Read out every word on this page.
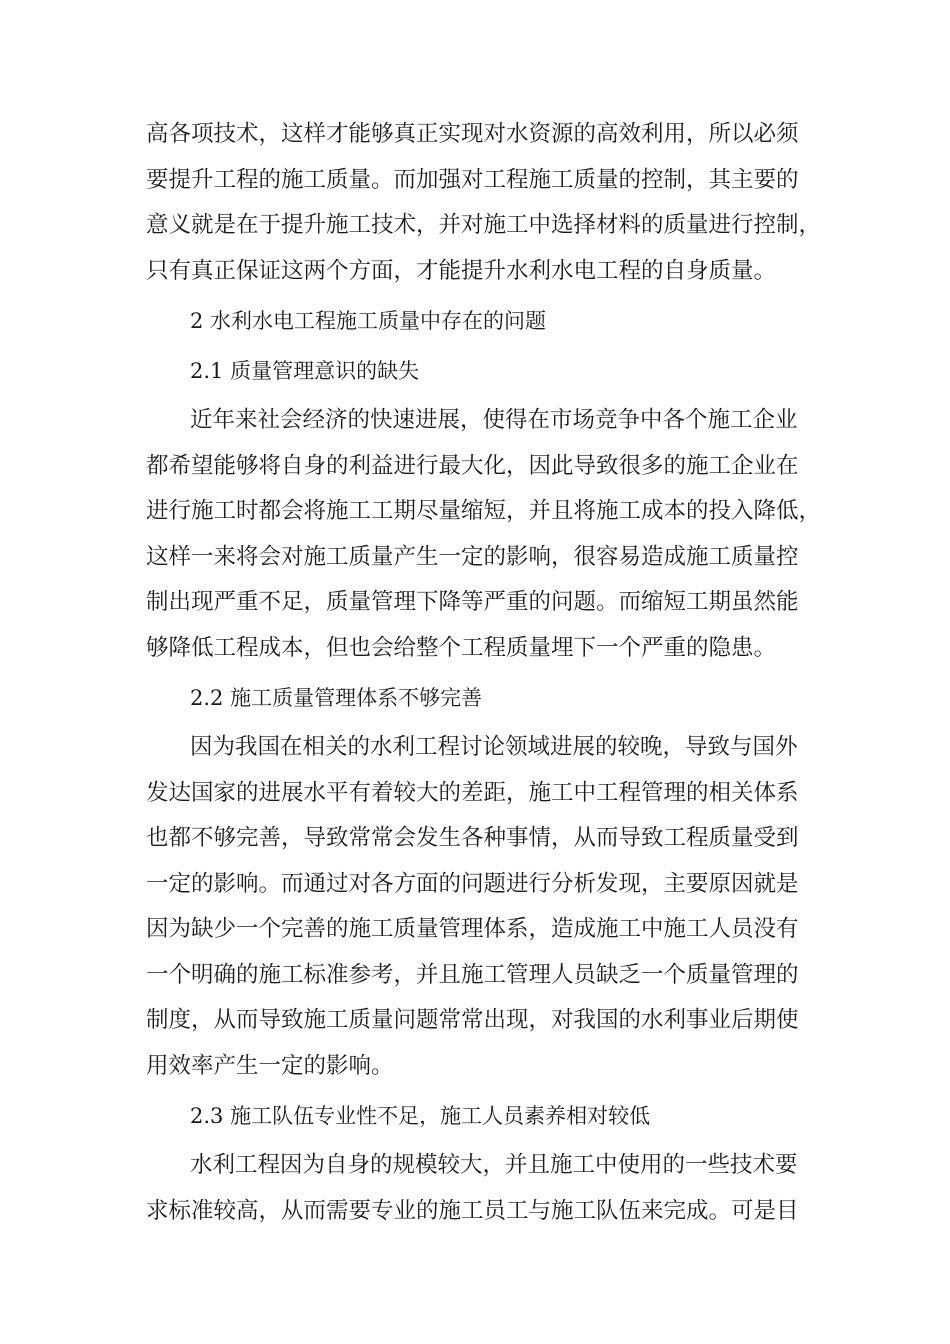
高各项技术，这样才能够真正实现对水资源的高效利用，所以必须
要提升工程的施工质量。而加强对工程施工质量的控制，其主要的
意义就是在于提升施工技术，并对施工中选择材料的质量进行控制，
只有真正保证这两个方面，才能提升水利水电工程的自身质量。
2 水利水电工程施工质量中存在的问题
2.1 质量管理意识的缺失
近年来社会经济的快速进展，使得在市场竞争中各个施工企业
都希望能够将自身的利益进行最大化，因此导致很多的施工企业在
进行施工时都会将施工工期尽量缩短，并且将施工成本的投入降低，
这样一来将会对施工质量产生一定的影响，很容易造成施工质量控
制出现严重不足，质量管理下降等严重的问题。而缩短工期虽然能
够降低工程成本，但也会给整个工程质量埋下一个严重的隐患。
2.2 施工质量管理体系不够完善
因为我国在相关的水利工程讨论领域进展的较晚，导致与国外
发达国家的进展水平有着较大的差距，施工中工程管理的相关体系
也都不够完善，导致常常会发生各种事情，从而导致工程质量受到
一定的影响。而通过对各方面的问题进行分析发现，主要原因就是
因为缺少一个完善的施工质量管理体系，造成施工中施工人员没有
一个明确的施工标准参考，并且施工管理人员缺乏一个质量管理的
制度，从而导致施工质量问题常常出现，对我国的水利事业后期使
用效率产生一定的影响。
2.3 施工队伍专业性不足，施工人员素养相对较低
水利工程因为自身的规模较大，并且施工中使用的一些技术要
求标准较高，从而需要专业的施工员工与施工队伍来完成。可是目
